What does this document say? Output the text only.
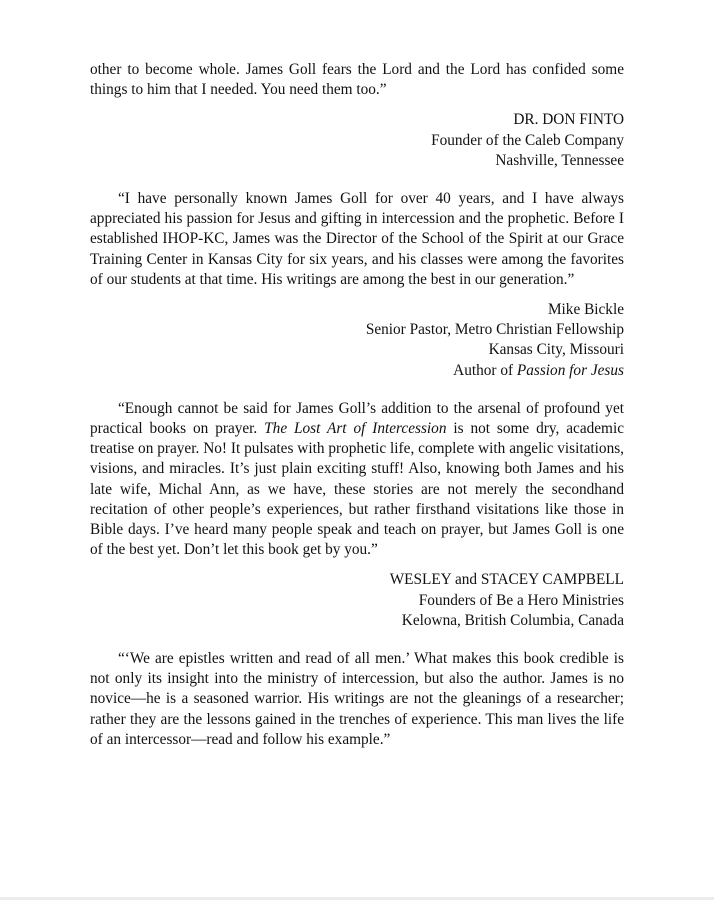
other to become whole. James Goll fears the Lord and the Lord has confided some things to him that I needed. You need them too.”

DR. DON FINTO
Founder of the Caleb Company
Nashville, Tennessee

“I have personally known James Goll for over 40 years, and I have always appreciated his passion for Jesus and gifting in intercession and the prophetic. Before I established IHOP-KC, James was the Director of the School of the Spirit at our Grace Training Center in Kansas City for six years, and his classes were among the favorites of our students at that time. His writings are among the best in our generation.”

Mike Bickle
Senior Pastor, Metro Christian Fellowship
Kansas City, Missouri
Author of Passion for Jesus

“Enough cannot be said for James Goll’s addition to the arsenal of profound yet practical books on prayer. The Lost Art of Intercession is not some dry, academic treatise on prayer. No! It pulsates with prophetic life, complete with angelic visitations, visions, and miracles. It’s just plain exciting stuff! Also, knowing both James and his late wife, Michal Ann, as we have, these stories are not merely the secondhand recitation of other people’s experiences, but rather firsthand visitations like those in Bible days. I’ve heard many people speak and teach on prayer, but James Goll is one of the best yet. Don’t let this book get by you.”

WESLEY and STACEY CAMPBELL
Founders of Be a Hero Ministries
Kelowna, British Columbia, Canada

“‘We are epistles written and read of all men.’ What makes this book credible is not only its insight into the ministry of intercession, but also the author. James is no novice—he is a seasoned warrior. His writings are not the gleanings of a researcher; rather they are the lessons gained in the trenches of experience. This man lives the life of an intercessor—read and follow his example.”
